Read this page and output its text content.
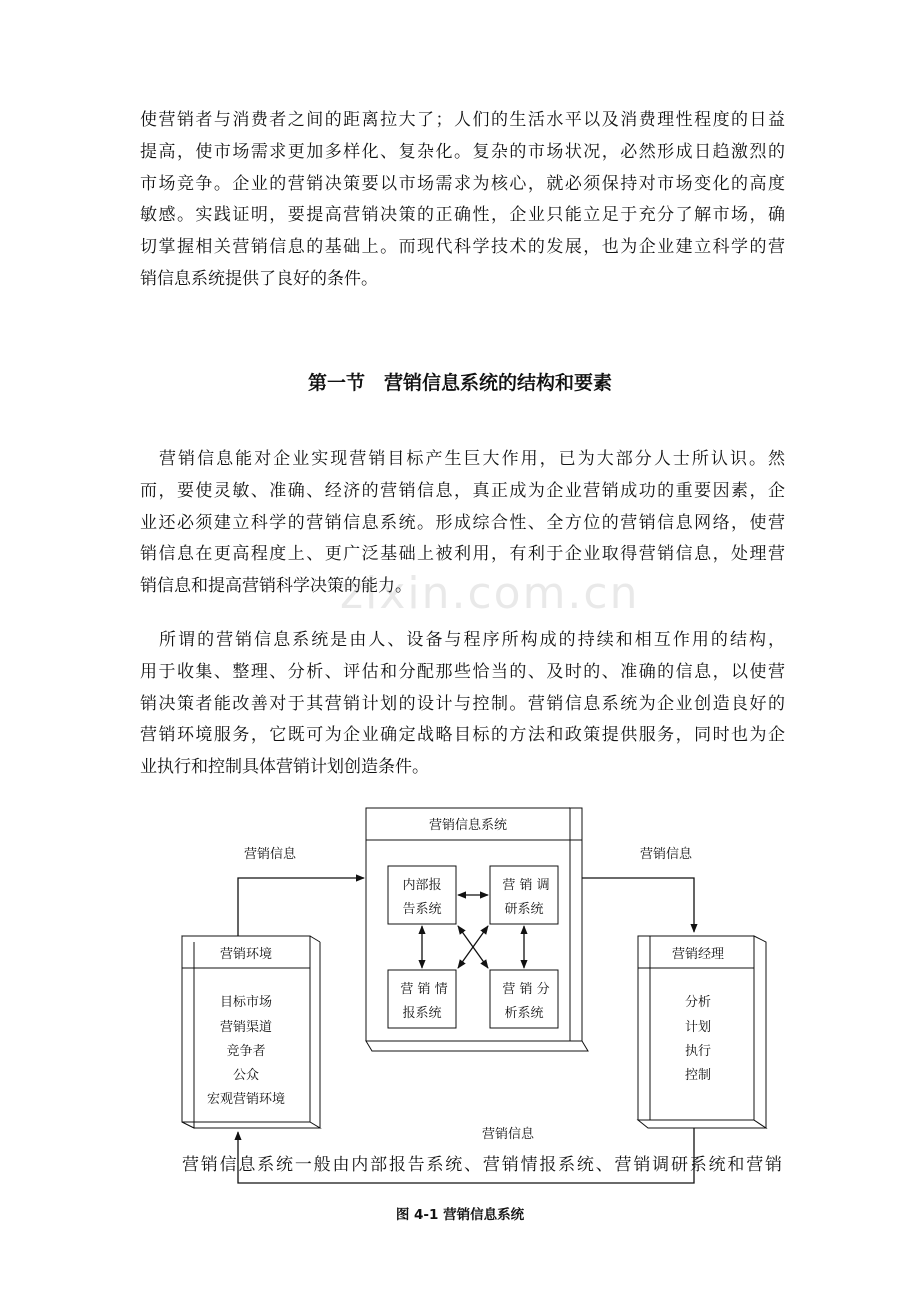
使营销者与消费者之间的距离拉大了；人们的生活水平以及消费理性程度的日益
提高，使市场需求更加多样化、复杂化。复杂的市场状况，必然形成日趋激烈的
市场竞争。企业的营销决策要以市场需求为核心，就必须保持对市场变化的高度
敏感。实践证明，要提高营销决策的正确性，企业只能立足于充分了解市场，确
切掌握相关营销信息的基础上。而现代科学技术的发展，也为企业建立科学的营
销信息系统提供了良好的条件。
第一节　营销信息系统的结构和要素
　营销信息能对企业实现营销目标产生巨大作用，已为大部分人士所认识。然
而，要使灵敏、准确、经济的营销信息，真正成为企业营销成功的重要因素，企
业还必须建立科学的营销信息系统。形成综合性、全方位的营销信息网络，使营
销信息在更高程度上、更广泛基础上被利用，有利于企业取得营销信息，处理营
销信息和提高营销科学决策的能力。
　所谓的营销信息系统是由人、设备与程序所构成的持续和相互作用的结构，
用于收集、整理、分析、评估和分配那些恰当的、及时的、准确的信息，以使营
销决策者能改善对于其营销计划的设计与控制。营销信息系统为企业创造良好的
营销环境服务，它既可为企业确定战略目标的方法和政策提供服务，同时也为企
业执行和控制具体营销计划创造条件。
zixin.com.cn
营销信息系统
内部报
告系统
营 销 调
研系统
营 销 情
报系统
营 销 分
析系统
营销环境
目标市场
营销渠道
竞争者
公众
宏观营销环境
营销经理
分析
计划
执行
控制
营销信息	营销信息
营销信息
营销信息系统一般由内部报告系统、营销情报系统、营销调研系统和营销
图 4-1 营销信息系统
